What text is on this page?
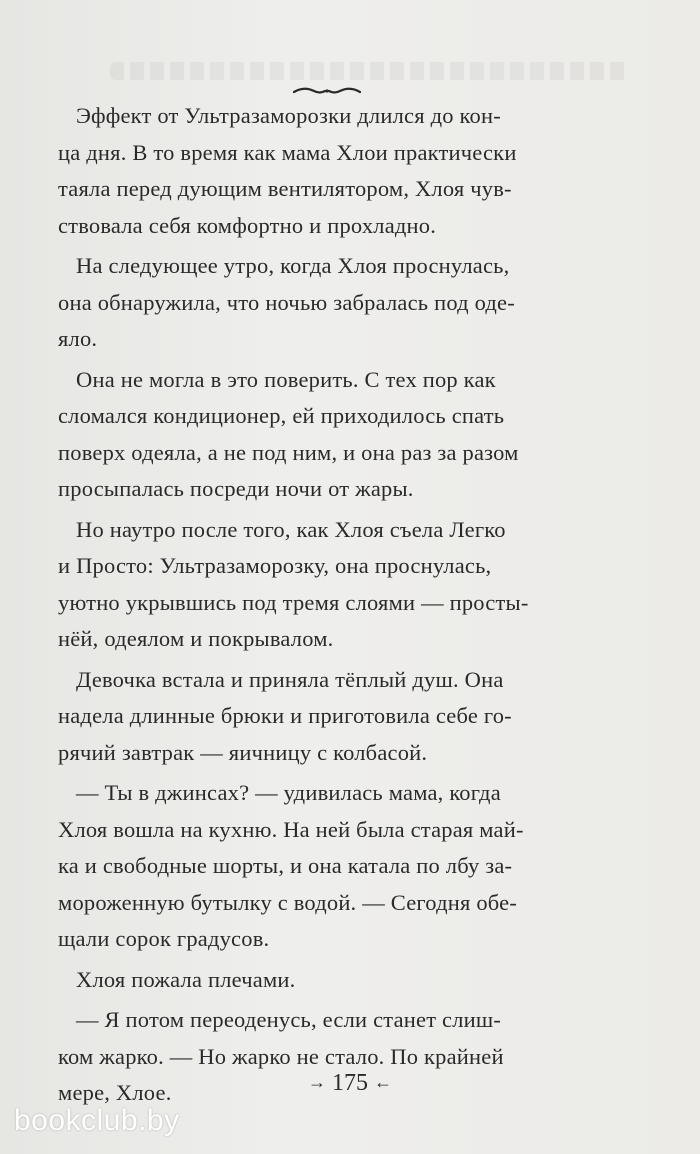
Эффект от Ультразаморозки длился до кон-
ца дня. В то время как мама Хлои практически
таяла перед дующим вентилятором, Хлоя чув-
ствовала себя комфортно и прохладно.
На следующее утро, когда Хлоя проснулась,
она обнаружила, что ночью забралась под оде-
яло.
Она не могла в это поверить. С тех пор как
сломался кондиционер, ей приходилось спать
поверх одеяла, а не под ним, и она раз за разом
просыпалась посреди ночи от жары.
Но наутро после того, как Хлоя съела Легко
и Просто: Ультразаморозку, она проснулась,
уютно укрывшись под тремя слоями — просты-
нёй, одеялом и покрывалом.
Девочка встала и приняла тёплый душ. Она
надела длинные брюки и приготовила себе го-
рячий завтрак — яичницу с колбасой.
— Ты в джинсах? — удивилась мама, когда
Хлоя вошла на кухню. На ней была старая май-
ка и свободные шорты, и она катала по лбу за-
мороженную бутылку с водой. — Сегодня обе-
щали сорок градусов.
Хлоя пожала плечами.
— Я потом переоденусь, если станет слиш-
ком жарко. — Но жарко не стало. По крайней
мере, Хлое.	→ 175 ←
bookclub.by
